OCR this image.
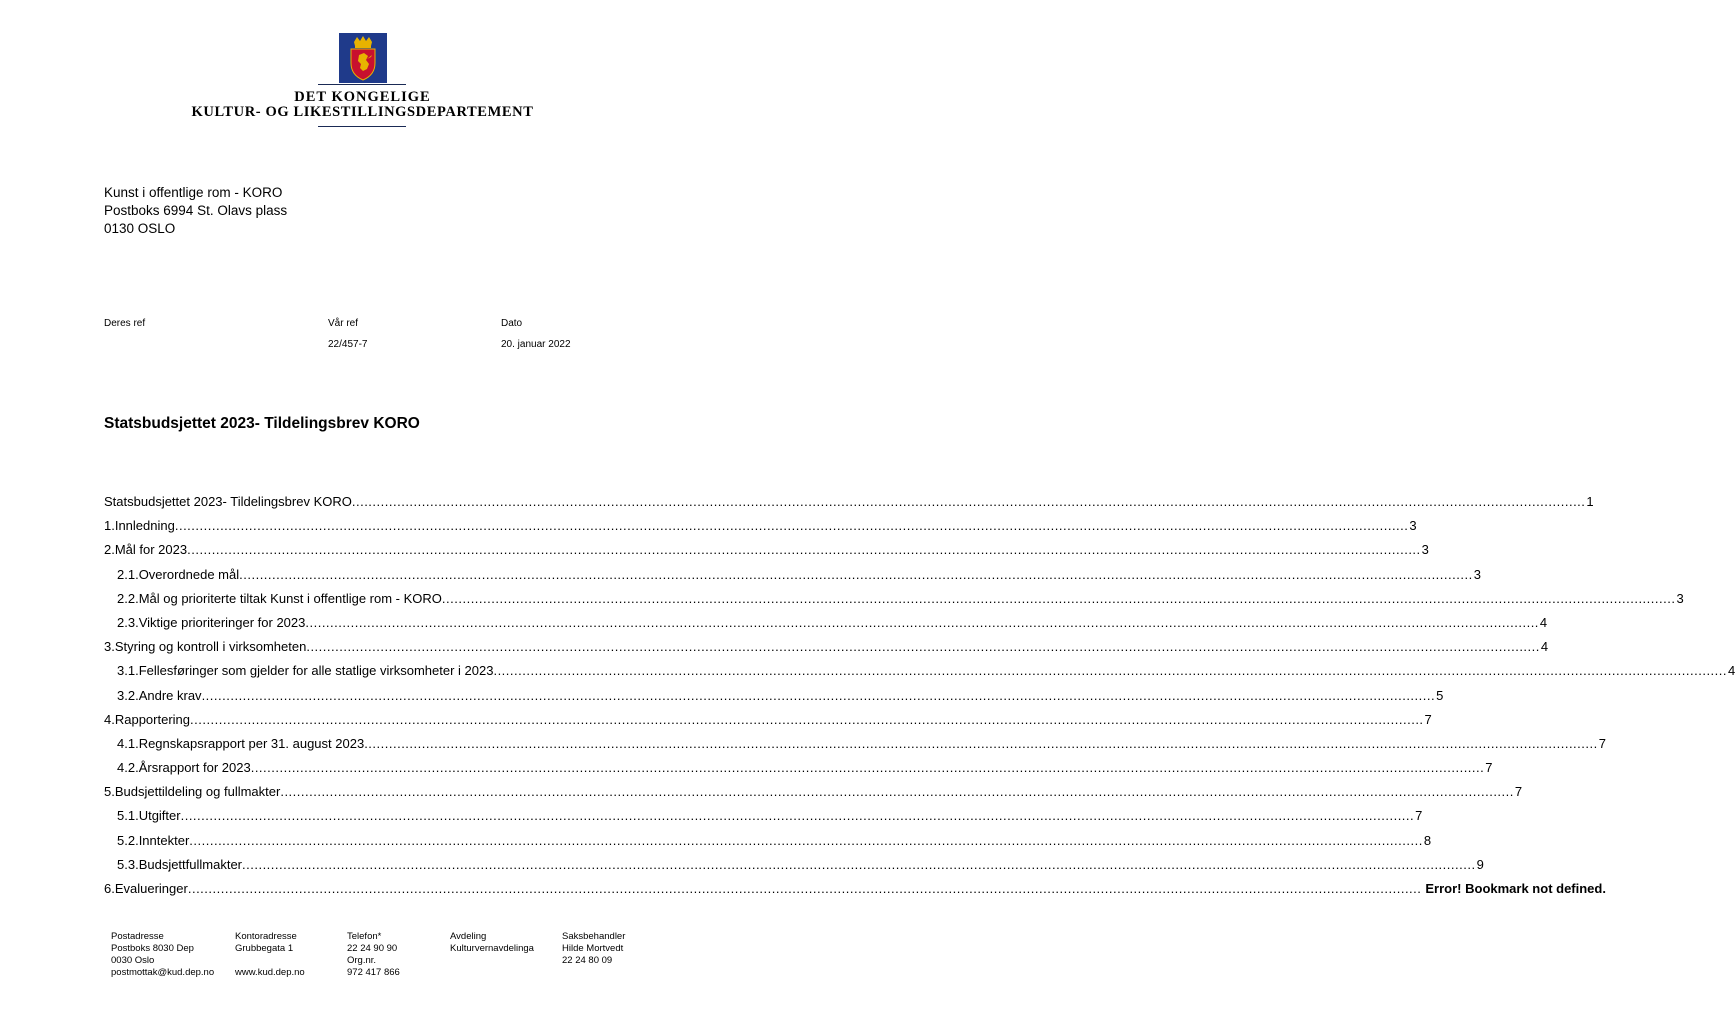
DET KONGELIGE
KULTUR- OG LIKESTILLINGSDEPARTEMENT
Kunst i offentlige rom - KORO
Postboks 6994 St. Olavs plass
0130 OSLO
Deres ref	Vår ref
22/457-7
Dato
20. januar 2022
Statsbudsjettet 2023- Tildelingsbrev KORO
Statsbudsjettet 2023- Tildelingsbrev KORO ............................................................................................................................................................................................................................................................................................................ 1
1. Innledning ............................................................................................................................................................................................................................................................................................................ 3
2. Mål for 2023 ............................................................................................................................................................................................................................................................................................................ 3
2.1. Overordnede mål ............................................................................................................................................................................................................................................................................................................ 3
2.2. Mål og prioriterte tiltak Kunst i offentlige rom - KORO ............................................................................................................................................................................................................................................................................................................ 3
2.3. Viktige prioriteringer for 2023 ............................................................................................................................................................................................................................................................................................................ 4
3. Styring og kontroll i virksomheten ............................................................................................................................................................................................................................................................................................................ 4
3.1. Fellesføringer som gjelder for alle statlige virksomheter i 2023 ............................................................................................................................................................................................................................................................................................................ 4
3.2. Andre krav ............................................................................................................................................................................................................................................................................................................ 5
4. Rapportering ............................................................................................................................................................................................................................................................................................................ 7
4.1. Regnskapsrapport per 31. august 2023 ............................................................................................................................................................................................................................................................................................................ 7
4.2. Årsrapport for 2023 ............................................................................................................................................................................................................................................................................................................ 7
5. Budsjettildeling og fullmakter ............................................................................................................................................................................................................................................................................................................ 7
5.1. Utgifter ............................................................................................................................................................................................................................................................................................................ 7
5.2. Inntekter ............................................................................................................................................................................................................................................................................................................ 8
5.3. Budsjettfullmakter ............................................................................................................................................................................................................................................................................................................ 9
6. Evalueringer ............................................................................................................................................................................................................................................................................................................ Error! Bookmark not defined.
Postadresse
Postboks 8030 Dep
0030 Oslo
postmottak@kud.dep.no
Kontoradresse
Grubbegata 1
www.kud.dep.no
Telefon*
22 24 90 90
Org.nr.
972 417 866
Avdeling
Kulturvernavdelinga
Saksbehandler
Hilde Mortvedt
22 24 80 09
